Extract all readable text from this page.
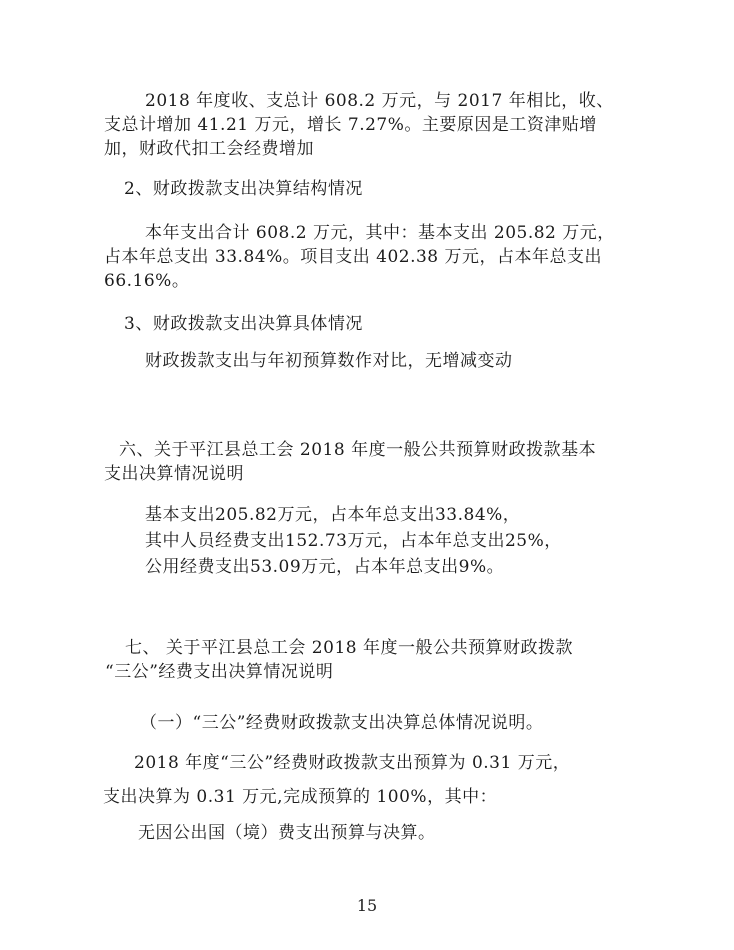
2018 年度收、支总计 608.2 万元，与 2017 年相比，收、
支总计增加 41.21 万元，增长 7.27%。主要原因是工资津贴增
加，财政代扣工会经费增加
2、财政拨款支出决算结构情况
本年支出合计 608.2 万元，其中：基本支出 205.82 万元，
占本年总支出 33.84%。项目支出 402.38 万元，占本年总支出
66.16%。
3、财政拨款支出决算具体情况
财政拨款支出与年初预算数作对比，无增减变动
六、关于平江县总工会 2018 年度一般公共预算财政拨款基本
支出决算情况说明
基本支出205.82万元，占本年总支出33.84%，
其中人员经费支出152.73万元，占本年总支出25%，
公用经费支出53.09万元，占本年总支出9%。
七、 关于平江县总工会 2018 年度一般公共预算财政拨款
“三公”经费支出决算情况说明
（一）“三公”经费财政拨款支出决算总体情况说明。
2018 年度“三公”经费财政拨款支出预算为 0.31 万元，
支出决算为 0.31 万元,完成预算的 100%，其中：
无因公出国（境）费支出预算与决算。
15
